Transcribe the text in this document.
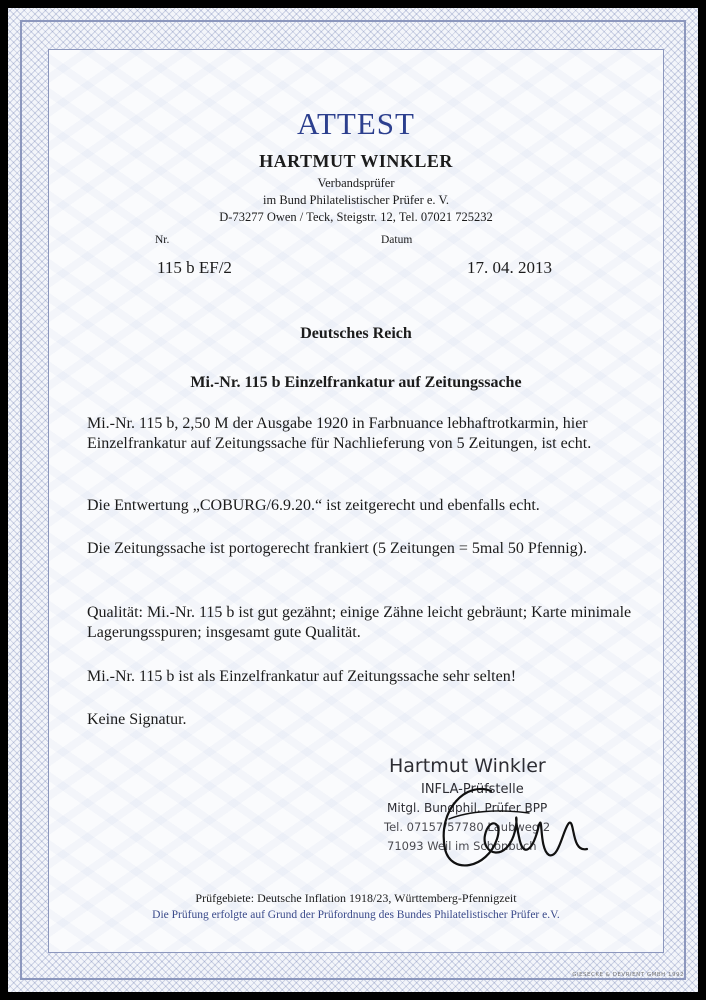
ATTEST
HARTMUT WINKLER
Verbandsprüfer
im Bund Philatelistischer Prüfer e. V.
D-73277 Owen / Teck, Steigstr. 12, Tel. 07021 725232
Nr.	Datum
115 b EF/2	17. 04. 2013
Deutsches Reich
Mi.-Nr. 115 b Einzelfrankatur auf Zeitungssache
Mi.-Nr. 115 b, 2,50 M der Ausgabe 1920 in Farbnuance lebhaftrotkarmin, hier Einzelfrankatur auf Zeitungssache für Nachlieferung von 5 Zeitungen, ist echt.
Die Entwertung „COBURG/6.9.20.“ ist zeitgerecht und ebenfalls echt.
Die Zeitungssache ist portogerecht frankiert (5 Zeitungen = 5mal 50 Pfennig).
Qualität: Mi.-Nr. 115 b ist gut gezähnt; einige Zähne leicht gebräunt; Karte minimale Lagerungsspuren; insgesamt gute Qualität.
Mi.-Nr. 115 b ist als Einzelfrankatur auf Zeitungssache sehr selten!
Keine Signatur.
Hartmut Winkler
INFLA-Prüfstelle
Mitgl. Bundphil. Prüfer BPP
Tel. 07157/57780 Laubweg 2
71093 Weil im Schönbuch
Prüfgebiete: Deutsche Inflation 1918/23, Württemberg-Pfennigzeit
Die Prüfung erfolgte auf Grund der Prüfordnung des Bundes Philatelistischer Prüfer e.V.
GIESECKE & DEVRIENT GMBH 1992
